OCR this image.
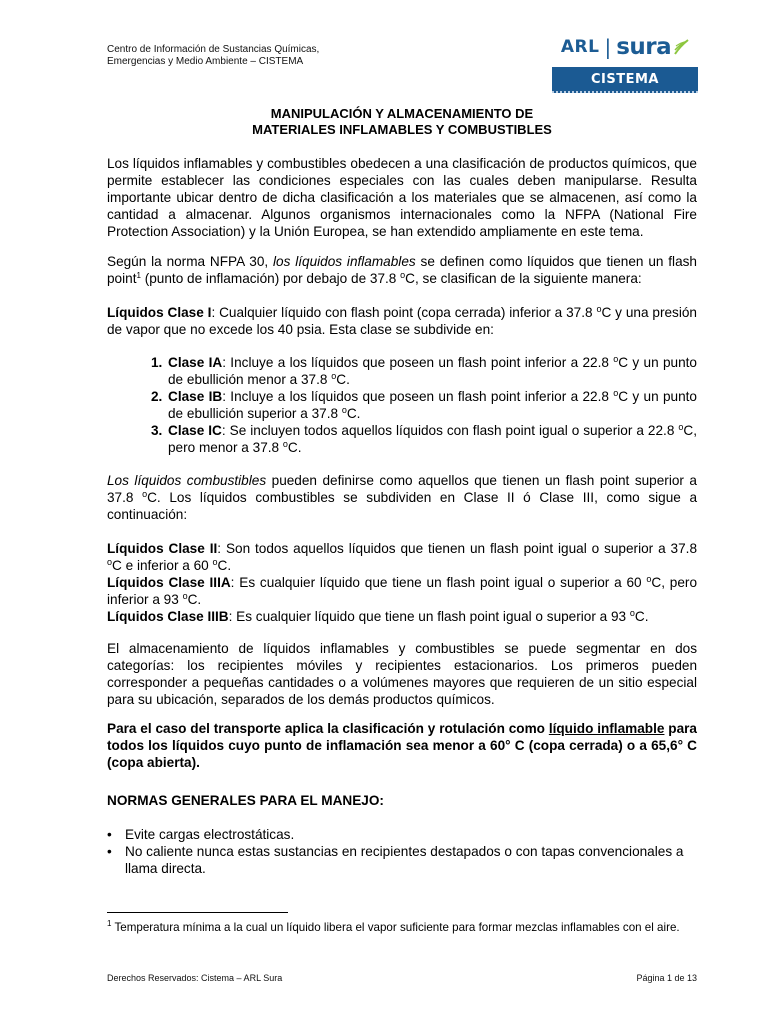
Centro de Información de Sustancias Químicas,
Emergencias y Medio Ambiente – CISTEMA
ARL | sura
CISTEMA
MANIPULACIÓN Y ALMACENAMIENTO DE
MATERIALES INFLAMABLES Y COMBUSTIBLES

Los líquidos inflamables y combustibles obedecen a una clasificación de productos químicos, que permite establecer las condiciones especiales con las cuales deben manipularse. Resulta importante ubicar dentro de dicha clasificación a los materiales que se almacenen, así como la cantidad a almacenar. Algunos organismos internacionales como la NFPA (National Fire Protection Association) y la Unión Europea, se han extendido ampliamente en este tema.

Según la norma NFPA 30, los líquidos inflamables se definen como líquidos que tienen un flash point$^1$ (punto de inflamación) por debajo de 37.8 $^o$C, se clasifican de la siguiente manera:

Líquidos Clase I: Cualquier líquido con flash point (copa cerrada) inferior a 37.8 $^o$C y una presión de vapor que no excede los 40 psia. Esta clase se subdivide en:

1. Clase IA: Incluye a los líquidos que poseen un flash point inferior a 22.8 $^o$C y un punto de ebullición menor a 37.8 $^o$C.
2. Clase IB: Incluye a los líquidos que poseen un flash point inferior a 22.8 $^o$C y un punto de ebullición superior a 37.8 $^o$C.
3. Clase IC: Se incluyen todos aquellos líquidos con flash point igual o superior a 22.8 $^o$C, pero menor a 37.8 $^o$C.

Los líquidos combustibles pueden definirse como aquellos que tienen un flash point superior a 37.8 $^o$C. Los líquidos combustibles se subdividen en Clase II ó Clase III, como sigue a continuación:

Líquidos Clase II: Son todos aquellos líquidos que tienen un flash point igual o superior a 37.8 $^o$C e inferior a 60 $^o$C.

Líquidos Clase IIIA: Es cualquier líquido que tiene un flash point igual o superior a 60 $^o$C, pero inferior a 93 $^o$C.

Líquidos Clase IIIB: Es cualquier líquido que tiene un flash point igual o superior a 93 $^o$C.

El almacenamiento de líquidos inflamables y combustibles se puede segmentar en dos categorías: los recipientes móviles y recipientes estacionarios. Los primeros pueden corresponder a pequeñas cantidades o a volúmenes mayores que requieren de un sitio especial para su ubicación, separados de los demás productos químicos.

Para el caso del transporte aplica la clasificación y rotulación como líquido inflamable para todos los líquidos cuyo punto de inflamación sea menor a 60° C (copa cerrada) o a 65,6° C (copa abierta).

NORMAS GENERALES PARA EL MANEJO:

• Evite cargas electrostáticas.
• No caliente nunca estas sustancias en recipientes destapados o con tapas convencionales a llama directa.
$^1$ Temperatura mínima a la cual un líquido libera el vapor suficiente para formar mezclas inflamables con el aire.
Derechos Reservados: Cistema – ARL Sura	Página 1 de 13
